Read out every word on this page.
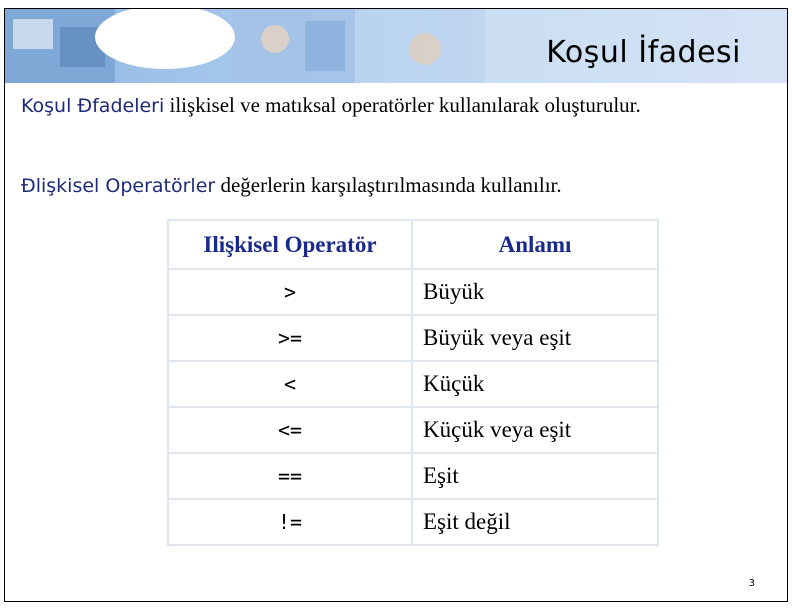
Koşul İfadesi

Koşul Đfadeleri ilişkisel ve matıksal operatörler kullanılarak oluşturulur.

Đlişkisel Operatörler değerlerin karşılaştırılmasında kullanılır.

Ilişkisel Operatör	Anlamı
>	Büyük
>=	Büyük veya eşit
<	Küçük
<=	Küçük veya eşit
==	Eşit
!=	Eşit değil
3
